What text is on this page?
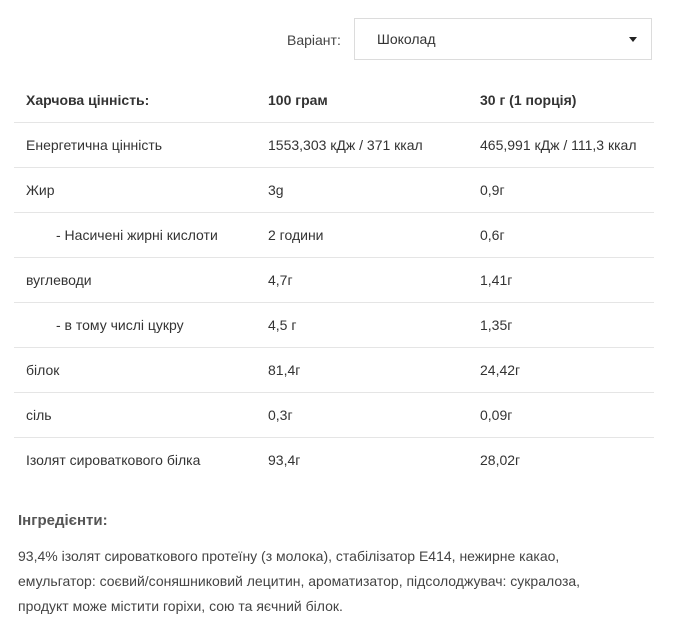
Варіант:	Шоколад
Харчова цінність:	100 грам	30 г (1 порція)
Енергетична цінність	1553,303 кДж / 371 ккал	465,991 кДж / 111,3 ккал
Жир	3g	0,9г
- Насичені жирні кислоти	2 години	0,6г
вуглеводи	4,7г	1,41г
- в тому числі цукру	4,5 г	1,35г
білок	81,4г	24,42г
сіль	0,3г	0,09г
Ізолят сироваткового білка	93,4г	28,02г
Інгредієнти:
93,4% ізолят сироваткового протеїну (з молока), стабілізатор Е414, нежирне какао,
емульгатор: соєвий/соняшниковий лецитин, ароматизатор, підсолоджувач: сукралоза,
продукт може містити горіхи, сою та яєчний білок.
